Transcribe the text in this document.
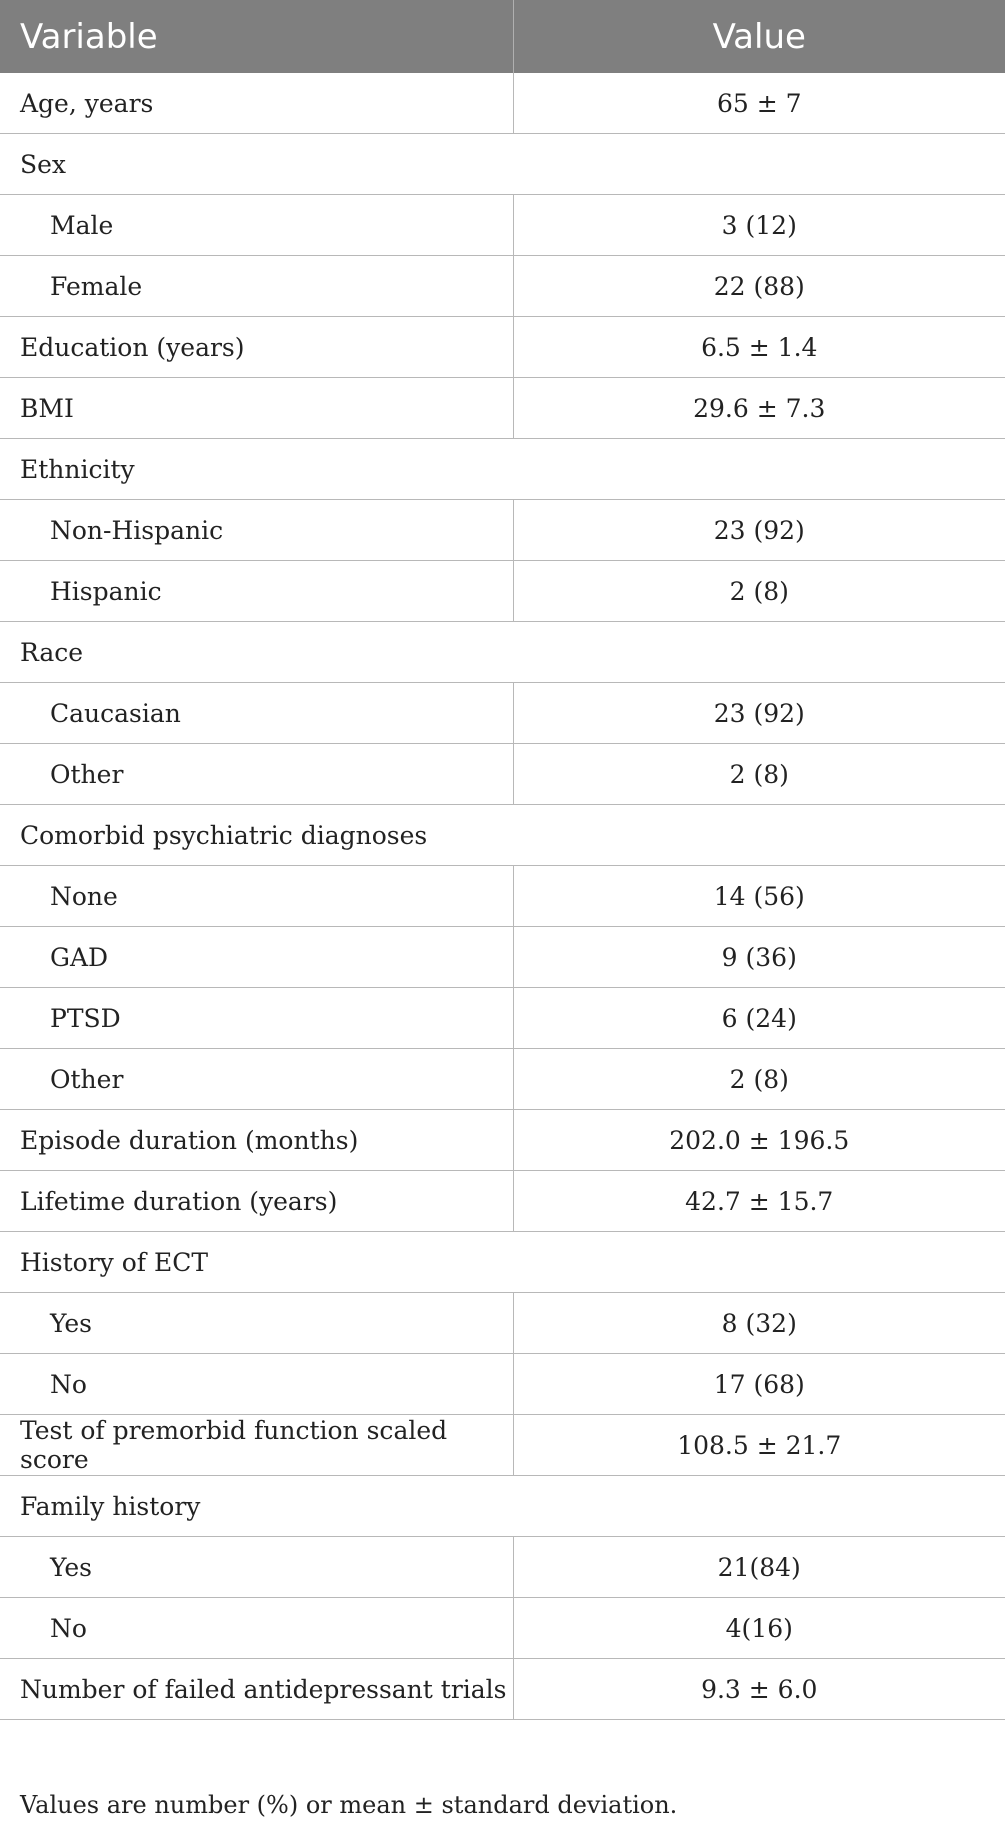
Variable	Value
Age, years	65 ± 7
Sex	
Male	3 (12)
Female	22 (88)
Education (years)	6.5 ± 1.4
BMI	29.6 ± 7.3
Ethnicity	
Non-Hispanic	23 (92)
Hispanic	2 (8)
Race	
Caucasian	23 (92)
Other	2 (8)
Comorbid psychiatric diagnoses	
None	14 (56)
GAD	9 (36)
PTSD	6 (24)
Other	2 (8)
Episode duration (months)	202.0 ± 196.5
Lifetime duration (years)	42.7 ± 15.7
History of ECT	
Yes	8 (32)
No	17 (68)
Test of premorbid function scaled score	108.5 ± 21.7
Family history	
Yes	21(84)
No	4(16)
Number of failed antidepressant trials	9.3 ± 6.0

Values are number (%) or mean ± standard deviation.
